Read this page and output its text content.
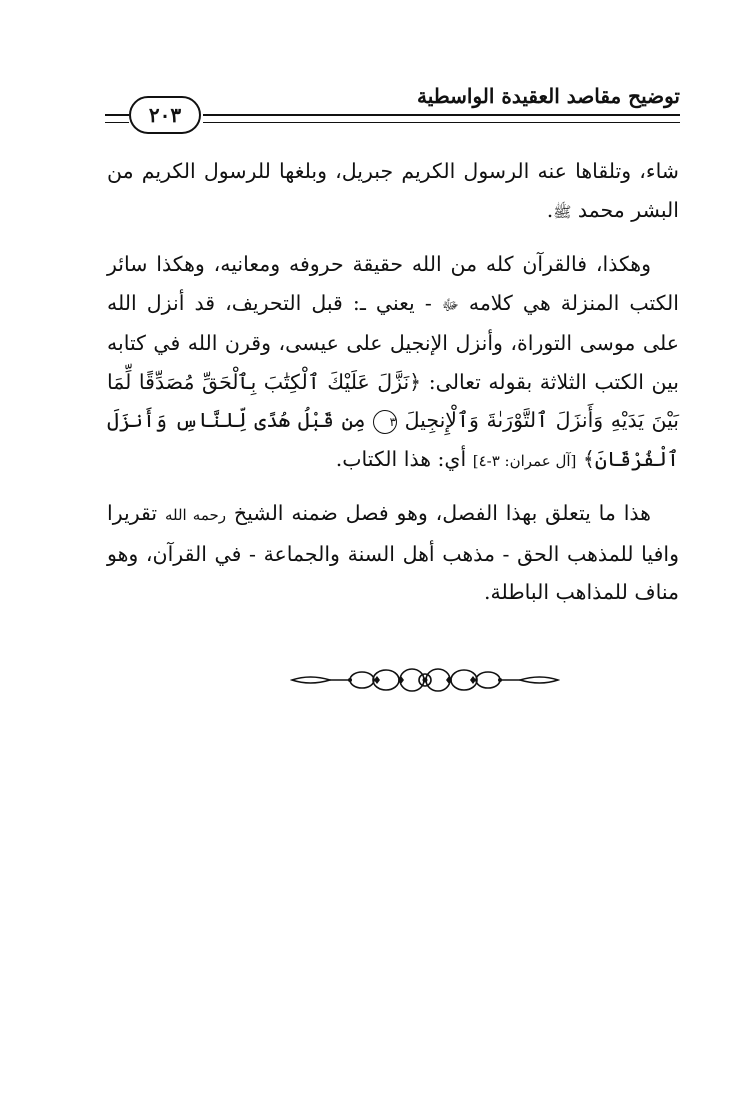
توضيح مقاصد العقيدة الواسطية
٢٠٣

شاء، وتلقاها عنه الرسول الكريم جبريل، وبلغها للرسول الكريم من البشر محمد ﷺ.

وهكذا، فالقرآن كله من الله حقيقة حروفه ومعانيه، وهكذا سائر الكتب المنزلة هي كلامه ﷻ - يعني ـ: قبل التحريف، قد أنزل الله على موسى التوراة، وأنزل الإنجيل على عيسى، وقرن الله في كتابه بين الكتب الثلاثة بقوله تعالى: ﴿نَزَّلَ عَلَيْكَ ٱلْكِتَٰبَ بِٱلْحَقِّ مُصَدِّقًا لِّمَا بَيْنَ يَدَيْهِ وَأَنزَلَ ٱلتَّوْرَىٰةَ وَٱلْإِنجِيلَ ٣ مِن قَبْلُ هُدًى لِّلنَّاسِ وَأَنزَلَ ٱلْفُرْقَانَ﴾ [آل عمران: ٣-٤] أي: هذا الكتاب.

هذا ما يتعلق بهذا الفصل، وهو فصل ضمنه الشيخ رحمه الله تقريرا وافيا للمذهب الحق - مذهب أهل السنة والجماعة - في القرآن، وهو مناف للمذاهب الباطلة.
